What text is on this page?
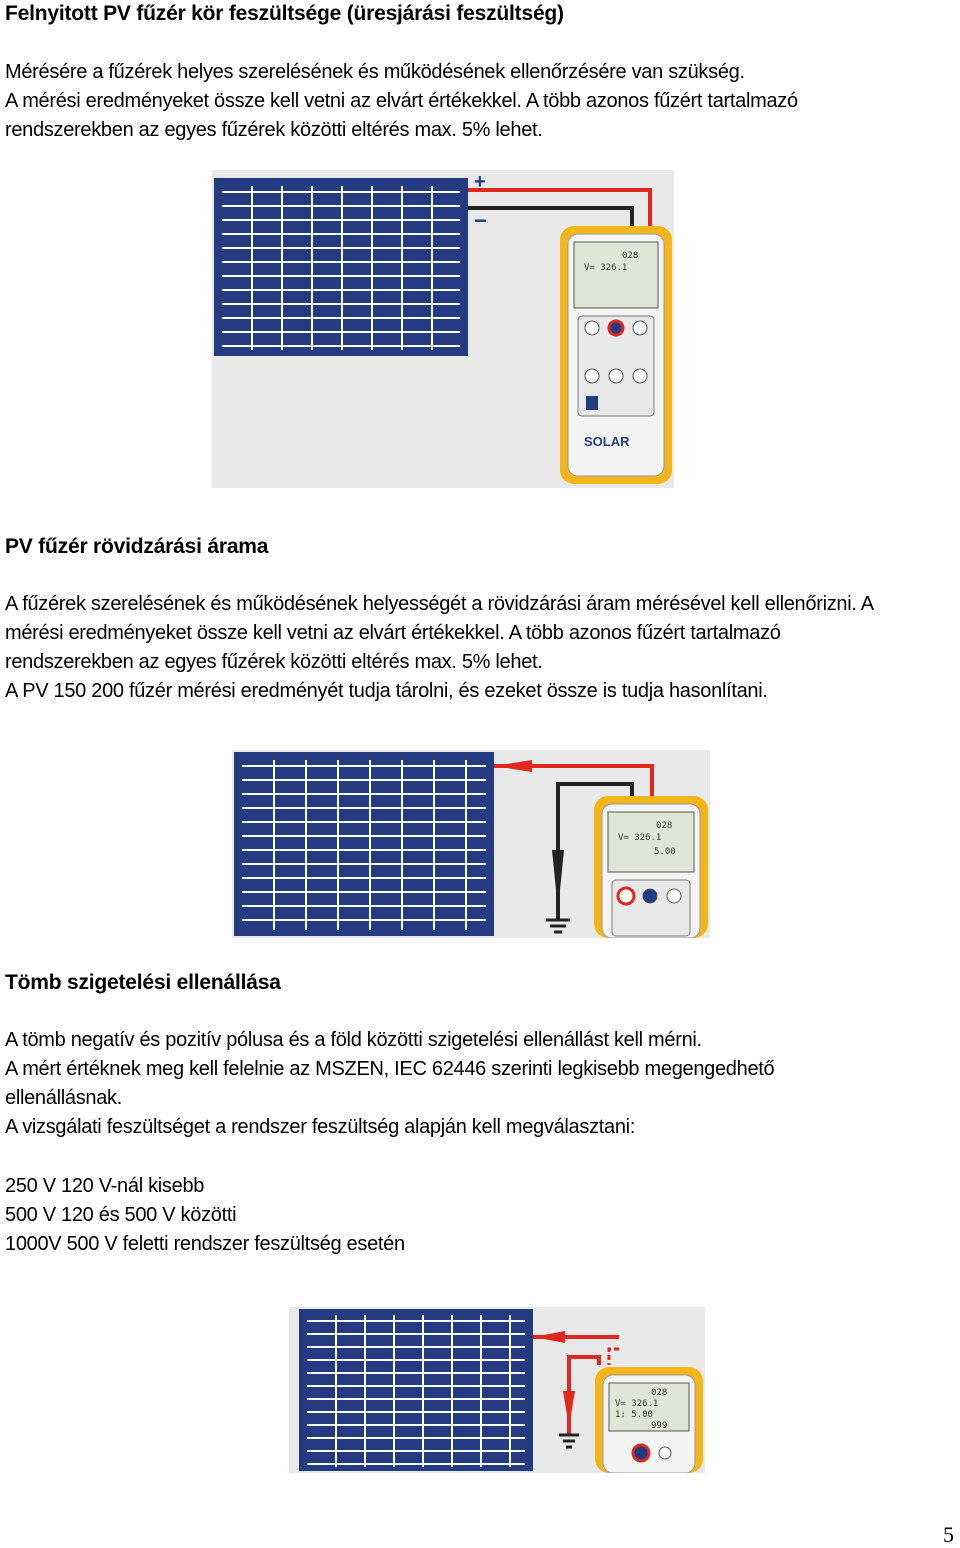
Felnyitott PV fűzér kör feszültsége (üresjárási feszültség)

Mérésére a fűzérek helyes szerelésének és működésének ellenőrzésére van szükség.
A mérési eredményeket össze kell vetni az elvárt értékekkel. A több azonos fűzért tartalmazó
rendszerekben az egyes fűzérek közötti eltérés max. 5% lehet.

+
−
028
V= 326.1
SOLAR
PV fűzér rövidzárási árama

A fűzérek szerelésének és működésének helyességét a rövidzárási áram mérésével kell ellenőrizni. A
mérési eredményeket össze kell vetni az elvárt értékekkel. A több azonos fűzért tartalmazó
rendszerekben az egyes fűzérek közötti eltérés max. 5% lehet.
A PV 150 200 fűzér mérési eredményét tudja tárolni, és ezeket össze is tudja hasonlítani.

028
V= 326.1
5.00
Tömb szigetelési ellenállása

A tömb negatív és pozitív pólusa és a föld közötti szigetelési ellenállást kell mérni.
A mért értéknek meg kell felelnie az MSZEN, IEC 62446 szerinti legkisebb megengedhető
ellenállásnak.
A vizsgálati feszültséget a rendszer feszültség alapján kell megválasztani:

250 V 120 V-nál kisebb
500 V 120 és 500 V közötti
1000V 500 V feletti rendszer feszültség esetén

028
V= 326.1
1: 5.00
999
5
